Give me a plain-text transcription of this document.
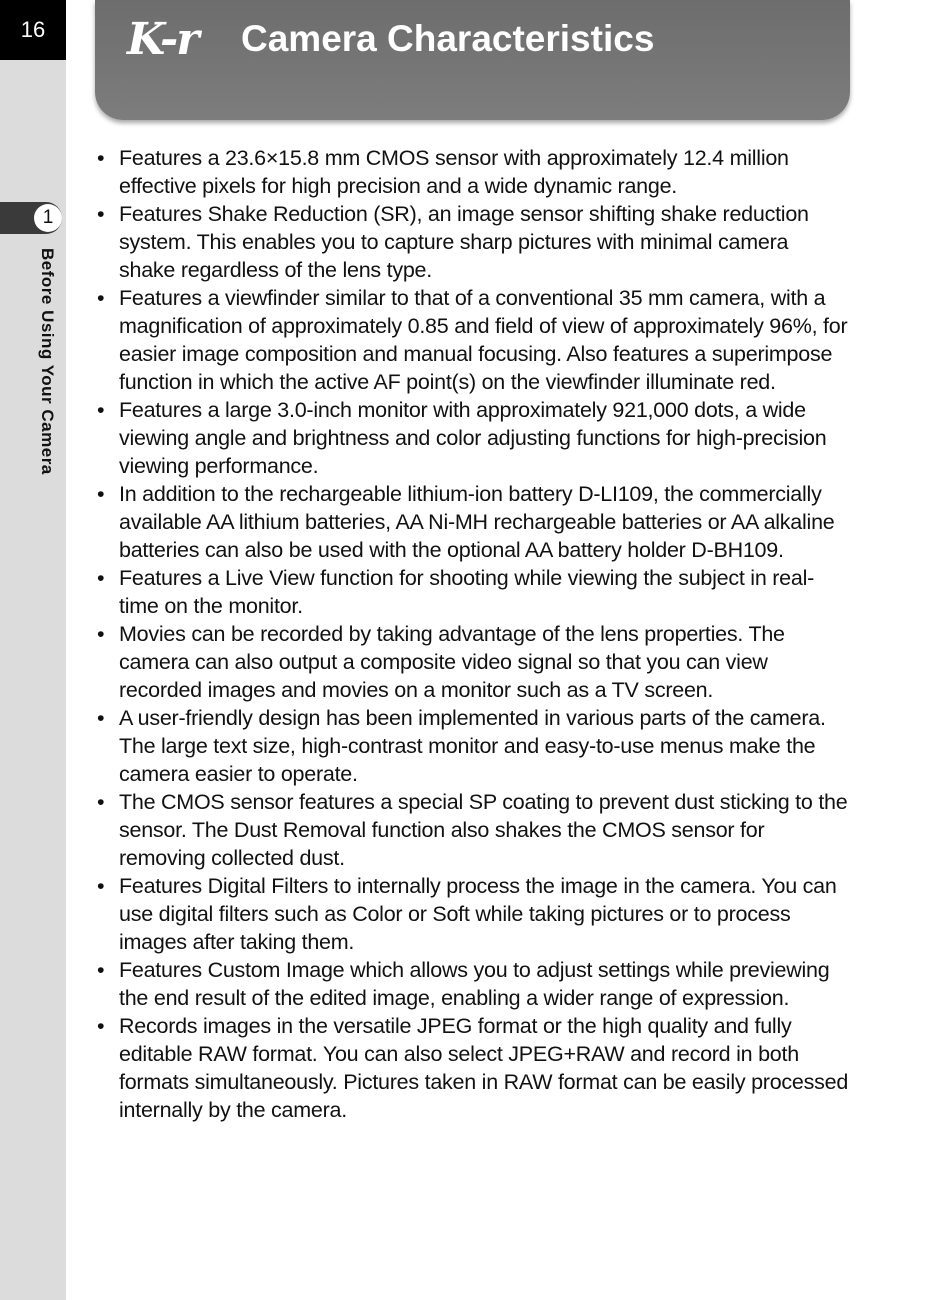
16
1
Before Using Your Camera
K-r Camera Characteristics
• Features a 23.6×15.8 mm CMOS sensor with approximately 12.4 million effective pixels for high precision and a wide dynamic range.
• Features Shake Reduction (SR), an image sensor shifting shake reduction system. This enables you to capture sharp pictures with minimal camera shake regardless of the lens type.
• Features a viewfinder similar to that of a conventional 35 mm camera, with a magnification of approximately 0.85 and field of view of approximately 96%, for easier image composition and manual focusing. Also features a superimpose function in which the active AF point(s) on the viewfinder illuminate red.
• Features a large 3.0-inch monitor with approximately 921,000 dots, a wide viewing angle and brightness and color adjusting functions for high-precision viewing performance.
• In addition to the rechargeable lithium-ion battery D-LI109, the commercially available AA lithium batteries, AA Ni-MH rechargeable batteries or AA alkaline batteries can also be used with the optional AA battery holder D-BH109.
• Features a Live View function for shooting while viewing the subject in real-time on the monitor.
• Movies can be recorded by taking advantage of the lens properties. The camera can also output a composite video signal so that you can view recorded images and movies on a monitor such as a TV screen.
• A user-friendly design has been implemented in various parts of the camera. The large text size, high-contrast monitor and easy-to-use menus make the camera easier to operate.
• The CMOS sensor features a special SP coating to prevent dust sticking to the sensor. The Dust Removal function also shakes the CMOS sensor for removing collected dust.
• Features Digital Filters to internally process the image in the camera. You can use digital filters such as Color or Soft while taking pictures or to process images after taking them.
• Features Custom Image which allows you to adjust settings while previewing the end result of the edited image, enabling a wider range of expression.
• Records images in the versatile JPEG format or the high quality and fully editable RAW format. You can also select JPEG+RAW and record in both formats simultaneously. Pictures taken in RAW format can be easily processed internally by the camera.
